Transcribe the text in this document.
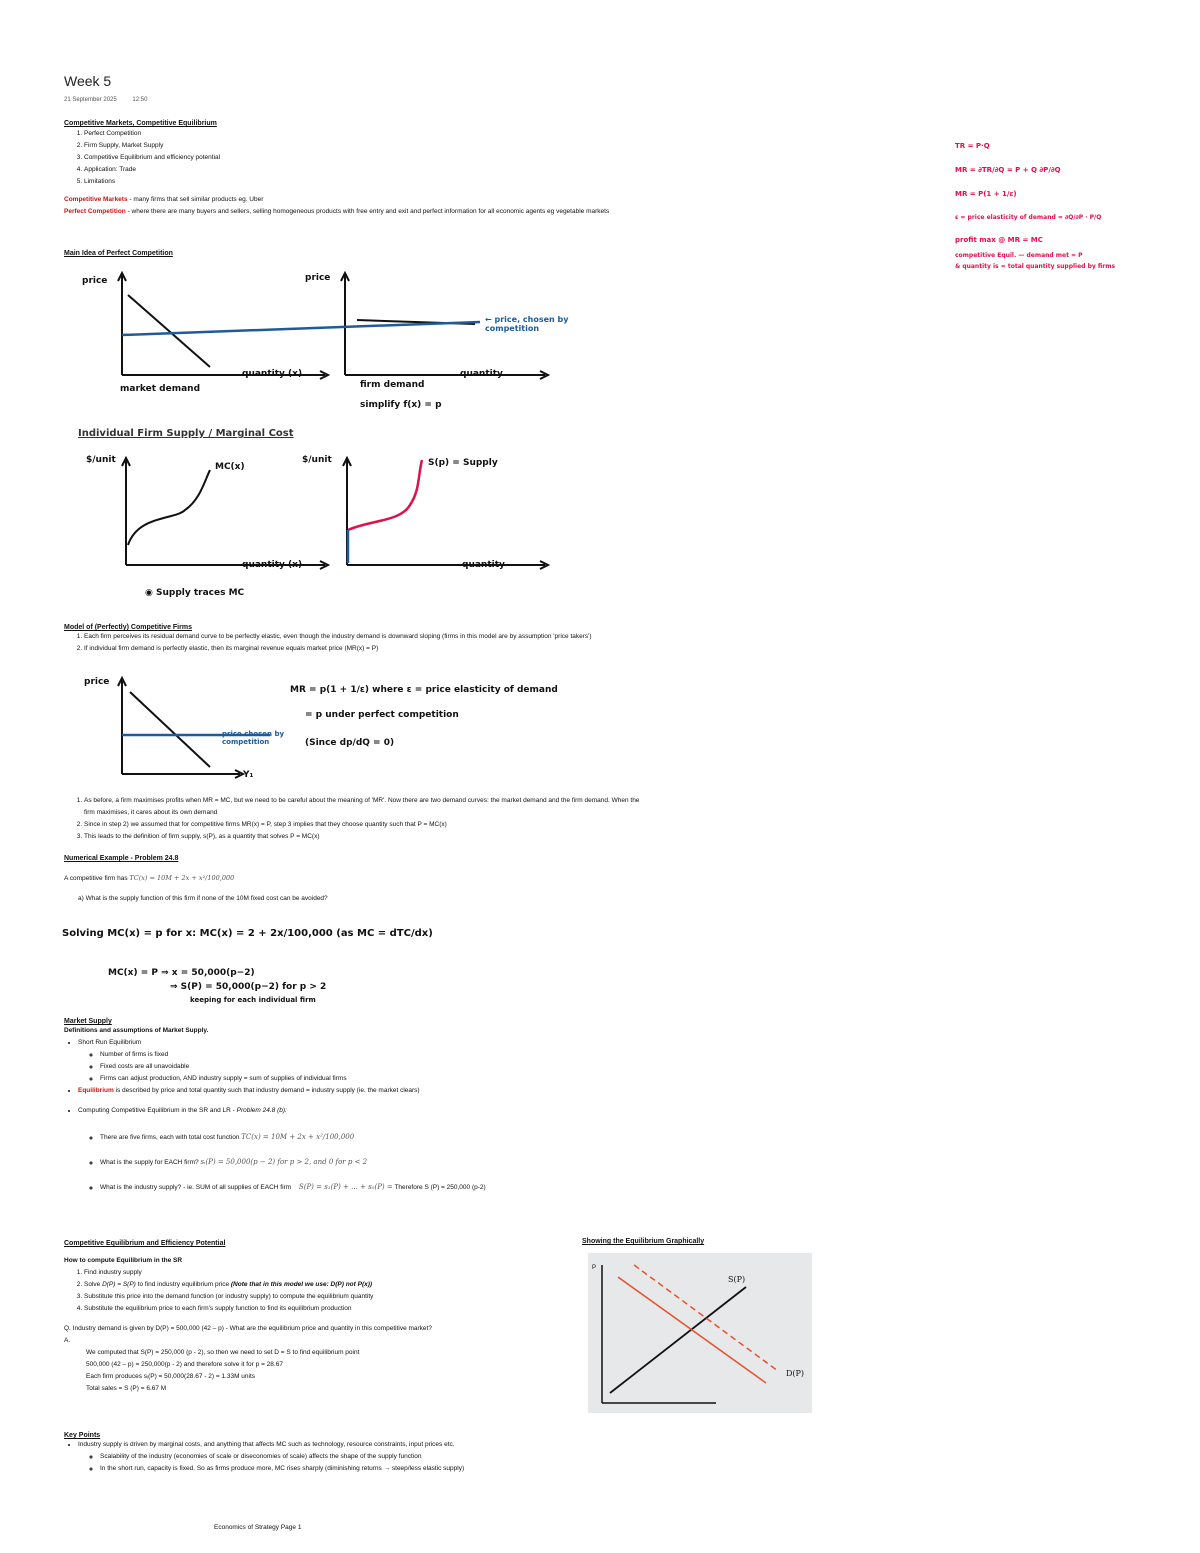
Week 5
21 September 2025	12:50
Competitive Markets, Competitive Equilibrium
1. Perfect Competition
2. Firm Supply, Market Supply
3. Competitive Equilibrium and efficiency potential
4. Application: Trade
5. Limitations
Competitive Markets - many firms that sell similar products eg. Uber
Perfect Competition - where there are many buyers and sellers, selling homogeneous products with free entry and exit and perfect information for all economic agents eg vegetable markets
Main Idea of Perfect Competition
price	price
quantity (x)
market demand
quantity
firm demand
simplify f(x) = p
← price, chosen by competition
Individual Firm Supply / Marginal Cost
$/unit
MC(x)
quantity (x)
$/unit	S(p) = Supply
quantity
◉ Supply traces MC
Model of (Perfectly) Competitive Firms
1. Each firm perceives its residual demand curve to be perfectly elastic, even though the industry demand is downward sloping (firms in this model are by assumption 'price takers')
2. If individual firm demand is perfectly elastic, then its marginal revenue equals market price (MR(x) = P)
price
Y₁
price chosen by competition
MR = p(1 + 1/ε) where ε = price elasticity of demand
= p under perfect competition
(Since dp/dQ = 0)
1. As before, a firm maximises profits when MR = MC, but we need to be careful about the meaning of 'MR'. Now there are two demand curves: the market demand and the firm demand. When the firm maximises, it cares about its own demand
2. Since in step 2) we assumed that for competitive firms MR(x) = P, step 3 implies that they choose quantity such that P = MC(x)
3. This leads to the definition of firm supply, s(P), as a quantity that solves P = MC(x)
Numerical Example - Problem 24.8
A competitive firm has TC(x) = 10M + 2x + x²/100,000
a) What is the supply function of this firm if none of the 10M fixed cost can be avoided?
Solving MC(x) = p for x: MC(x) = 2 + 2x/100,000 (as MC = dTC/dx)
MC(x) = P ⇒ x = 50,000(p−2)
⇒ S(P) = 50,000(p−2) for p > 2
keeping for each individual firm
Market Supply
Definitions and assumptions of Market Supply.
• Short Run Equilibrium
◦ Number of firms is fixed
◦ Fixed costs are all unavoidable
◦ Firms can adjust production, AND industry supply = sum of supplies of individual firms
• Equilibrium is described by price and total quantity such that industry demand = industry supply (ie. the market clears)
• Computing Competitive Equilibrium in the SR and LR - Problem 24.8 (b):
◦ There are five firms, each with total cost function TC(x) = 10M + 2x + x²/100,000
◦ What is the supply for EACH firm? sᵢ(P) = 50,000(p − 2) for p > 2, and 0 for p < 2
◦ What is the industry supply? - ie. SUM of all supplies of EACH firm S(P) = s₁(P) + ... + s₅(P) = Therefore S (P) = 250,000 (p-2)
Competitive Equilibrium and Efficiency Potential
How to compute Equilibrium in the SR
1. Find industry supply
2. Solve D(P) = S(P) to find industry equilibrium price (Note that in this model we use: D(P) not P(x))
3. Substitute this price into the demand function (or industry supply) to compute the equilibrium quantity
4. Substitute the equilibrium price to each firm's supply function to find its equilibrium production
Q. Industry demand is given by D(P) = 500,000 (42 – p) - What are the equilibrium price and quantity in this competitive market?
A.
We computed that S(P) = 250,000 (p - 2), so then we need to set D = S to find equilibrium point
500,000 (42 – p) = 250,000(p - 2) and therefore solve it for p = 28.67
Each firm produces sᵢ(P) = 50,000(28.67 - 2) = 1.33M units
Total sales = S (P) = 6.67 M
Showing the Equilibrium Graphically
P
S(P)
D(P)
Key Points
• Industry supply is driven by marginal costs, and anything that affects MC such as technology, resource constraints, input prices etc.
◦ Scalability of the industry (economies of scale or diseconomies of scale) affects the shape of the supply function
◦ In the short run, capacity is fixed. So as firms produce more, MC rises sharply (diminishing returns → steep/less elastic supply)
TR = P·Q
MR = ∂TR/∂Q = P + Q ∂P/∂Q
MR = P(1 + 1/ε)
ε = price elasticity of demand = ∂Q/∂P · P/Q
profit max @ MR = MC
competitive Equil. — demand met = P
& quantity is = total quantity supplied by firms
Economics of Strategy Page 1
